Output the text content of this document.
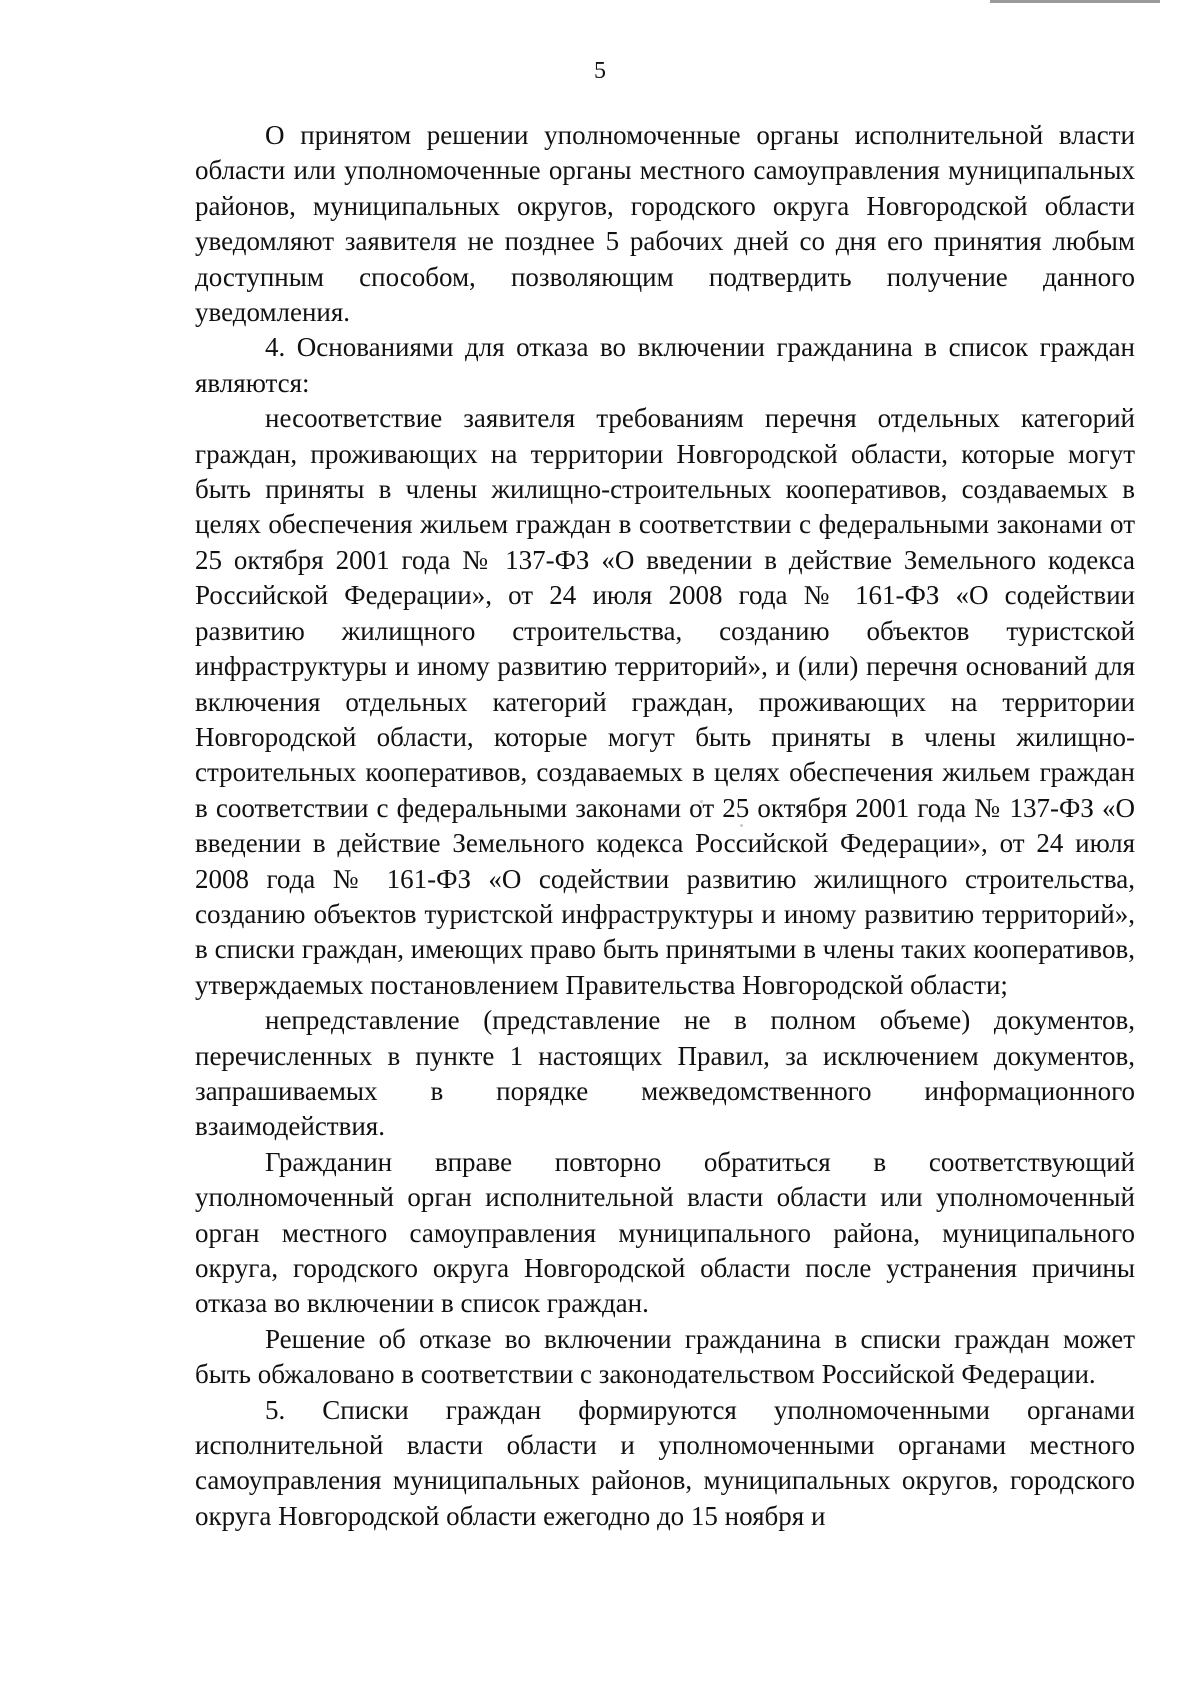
5

О принятом решении уполномоченные органы исполнительной власти области или уполномоченные органы местного самоуправления муниципальных районов, муниципальных округов, городского округа Новгородской области уведомляют заявителя не позднее 5 рабочих дней со дня его принятия любым доступным способом, позволяющим подтвердить получение данного уведомления.

4. Основаниями для отказа во включении гражданина в список граждан являются:

несоответствие заявителя требованиям перечня отдельных категорий граждан, проживающих на территории Новгородской области, которые могут быть приняты в члены жилищно-строительных кооперативов, создаваемых в целях обеспечения жильем граждан в соответствии с федеральными законами от 25 октября 2001 года № 137-ФЗ «О введении в действие Земельного кодекса Российской Федерации», от 24 июля 2008 года № 161-ФЗ «О содействии развитию жилищного строительства, созданию объектов туристской инфраструктуры и иному развитию территорий», и (или) перечня оснований для включения отдельных категорий граждан, проживающих на территории Новгородской области, которые могут быть приняты в члены жилищно-строительных кооперативов, создаваемых в целях обеспечения жильем граждан в соответствии с федеральными законами от 25 октября 2001 года № 137-ФЗ «О введении в действие Земельного кодекса Российской Федерации», от 24 июля 2008 года № 161-ФЗ «О содействии развитию жилищного строительства, созданию объектов туристской инфраструктуры и иному развитию территорий», в списки граждан, имеющих право быть принятыми в члены таких кооперативов, утверждаемых постановлением Правительства Новгородской области;

непредставление (представление не в полном объеме) документов, перечисленных в пункте 1 настоящих Правил, за исключением документов, запрашиваемых в порядке межведомственного информационного взаимодействия.

Гражданин вправе повторно обратиться в соответствующий уполномоченный орган исполнительной власти области или уполномоченный орган местного самоуправления муниципального района, муниципального округа, городского округа Новгородской области после устранения причины отказа во включении в список граждан.

Решение об отказе во включении гражданина в списки граждан может быть обжаловано в соответствии с законодательством Российской Федерации.

5. Списки граждан формируются уполномоченными органами исполнительной власти области и уполномоченными органами местного самоуправления муниципальных районов, муниципальных округов, городского округа Новгородской области ежегодно до 15 ноября и
